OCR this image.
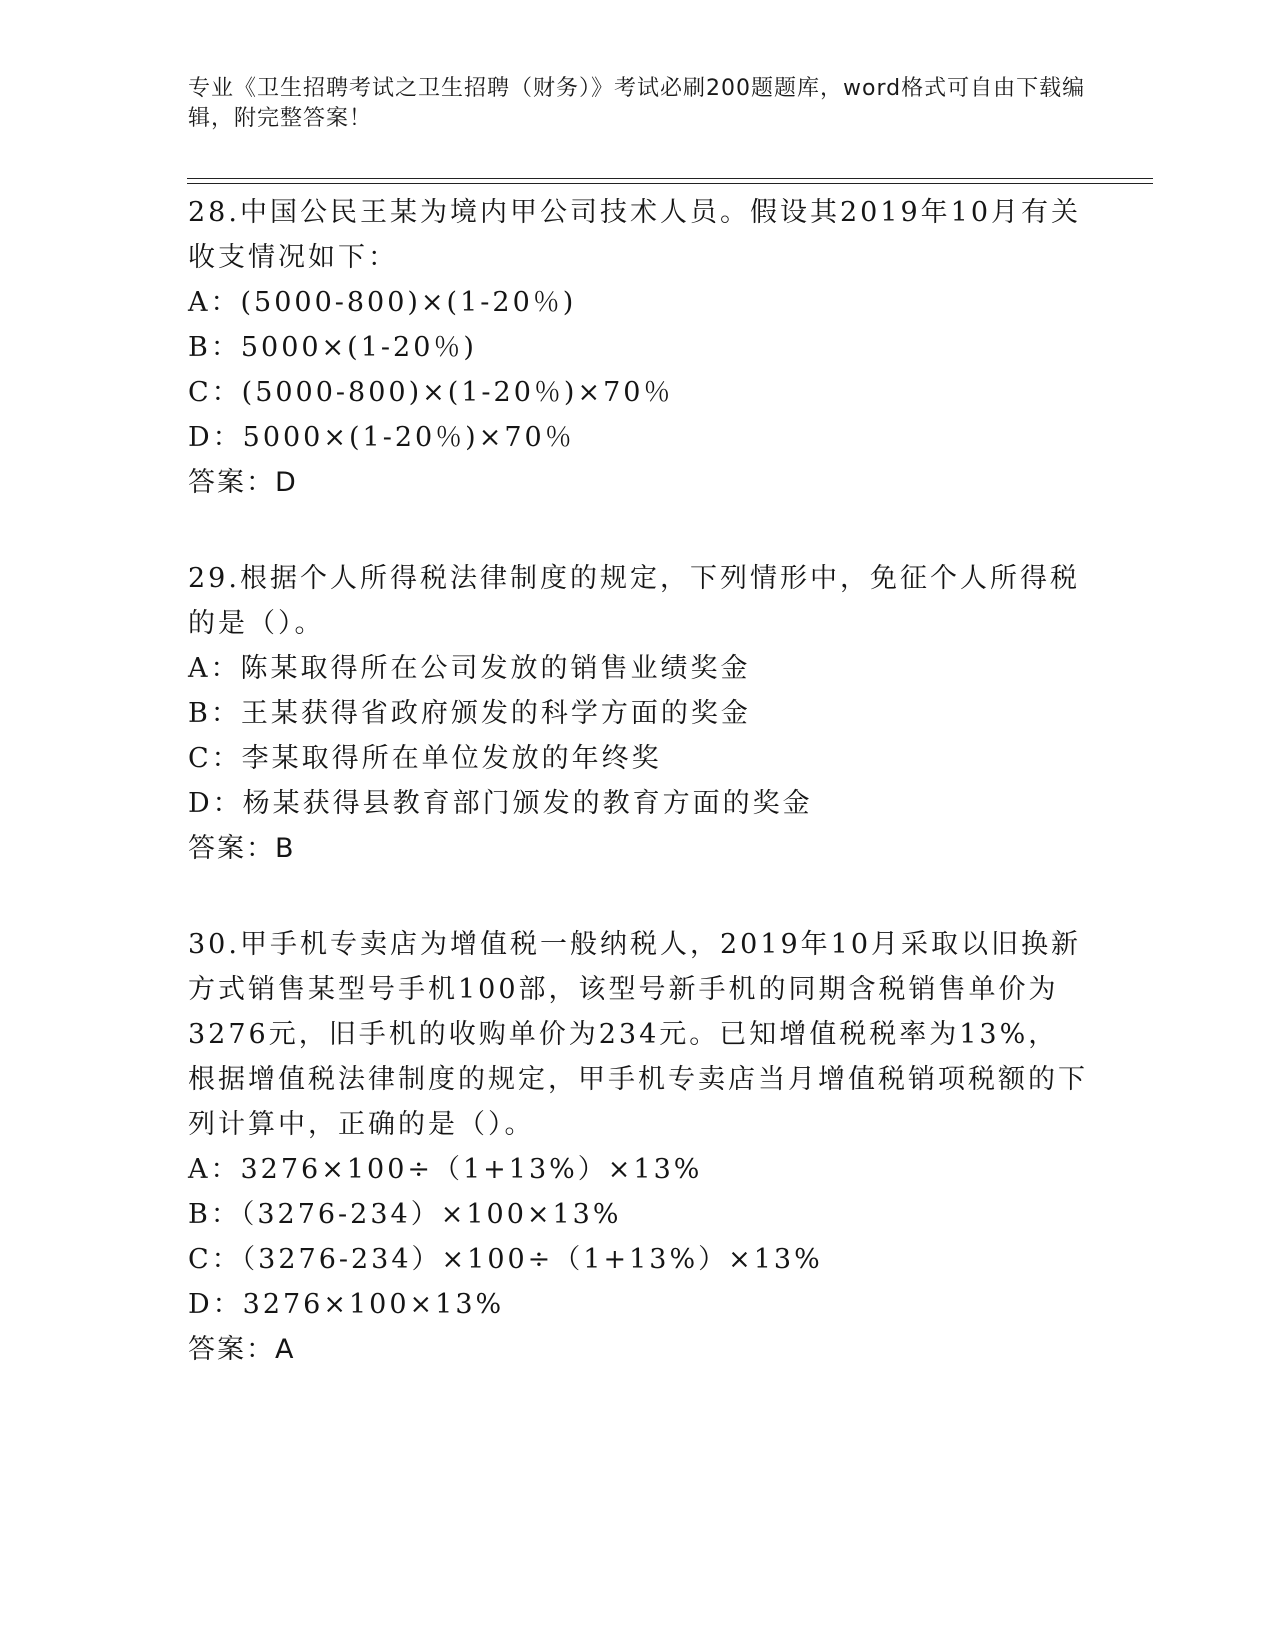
专业《卫生招聘考试之卫生招聘（财务）》考试必刷200题题库，word格式可自由下载编辑，附完整答案！

28.中国公民王某为境内甲公司技术人员。假设其2019年10月有关收支情况如下：

A：(5000-800)×(1-20％)

B：5000×(1-20％)

C：(5000-800)×(1-20％)×70％

D：5000×(1-20％)×70％

答案：D

29.根据个人所得税法律制度的规定，下列情形中，免征个人所得税的是（）。

A：陈某取得所在公司发放的销售业绩奖金

B：王某获得省政府颁发的科学方面的奖金

C：李某取得所在单位发放的年终奖

D：杨某获得县教育部门颁发的教育方面的奖金

答案：B

30.甲手机专卖店为增值税一般纳税人，2019年10月采取以旧换新方式销售某型号手机100部，该型号新手机的同期含税销售单价为3276元，旧手机的收购单价为234元。已知增值税税率为13%，根据增值税法律制度的规定，甲手机专卖店当月增值税销项税额的下列计算中，正确的是（）。

A：3276×100÷（1+13%）×13%

B：（3276-234）×100×13%

C：（3276-234）×100÷（1+13%）×13%

D：3276×100×13%

答案：A
